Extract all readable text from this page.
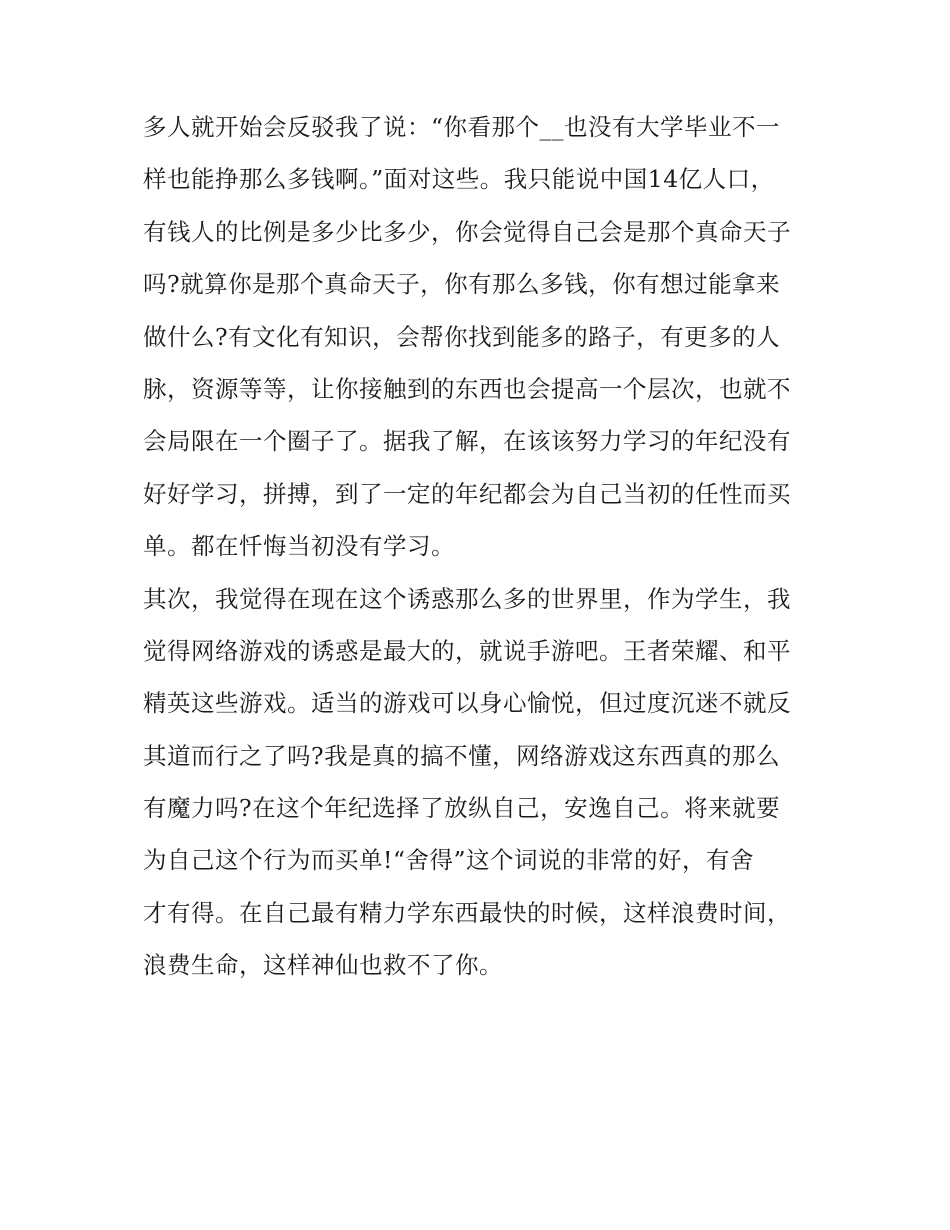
多人就开始会反驳我了说：“你看那个__也没有大学毕业不一
样也能挣那么多钱啊。”面对这些。我只能说中国14亿人口，
有钱人的比例是多少比多少，你会觉得自己会是那个真命天子
吗?就算你是那个真命天子，你有那么多钱，你有想过能拿来
做什么?有文化有知识，会帮你找到能多的路子，有更多的人
脉，资源等等，让你接触到的东西也会提高一个层次，也就不
会局限在一个圈子了。据我了解，在该该努力学习的年纪没有
好好学习，拼搏，到了一定的年纪都会为自己当初的任性而买
单。都在忏悔当初没有学习。
其次，我觉得在现在这个诱惑那么多的世界里，作为学生，我
觉得网络游戏的诱惑是最大的，就说手游吧。王者荣耀、和平
精英这些游戏。适当的游戏可以身心愉悦，但过度沉迷不就反
其道而行之了吗?我是真的搞不懂，网络游戏这东西真的那么
有魔力吗?在这个年纪选择了放纵自己，安逸自己。将来就要
为自己这个行为而买单!“舍得”这个词说的非常的好，有舍
才有得。在自己最有精力学东西最快的时候，这样浪费时间，
浪费生命，这样神仙也救不了你。
